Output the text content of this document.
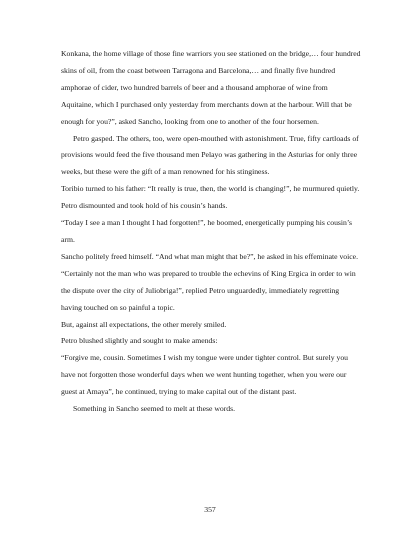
Konkana, the home village of those fine warriors you see stationed on the bridge,… four hundred
skins of oil, from the coast between Tarragona and Barcelona,… and finally five hundred
amphorae of cider, two hundred barrels of beer and a thousand amphorae of wine from
Aquitaine, which I purchased only yesterday from merchants down at the harbour. Will that be
enough for you?”, asked Sancho, looking from one to another of the four horsemen.
Petro gasped. The others, too, were open-mouthed with astonishment. True, fifty cartloads of
provisions would feed the five thousand men Pelayo was gathering in the Asturias for only three
weeks, but these were the gift of a man renowned for his stinginess.
Toribio turned to his father: “It really is true, then, the world is changing!”, he murmured quietly.
Petro dismounted and took hold of his cousin’s hands.
“Today I see a man I thought I had forgotten!”, he boomed, energetically pumping his cousin’s
arm.
Sancho politely freed himself. “And what man might that be?”, he asked in his effeminate voice.
“Certainly not the man who was prepared to trouble the echevins of King Ergica in order to win
the dispute over the city of Juliobriga!”, replied Petro unguardedly, immediately regretting
having touched on so painful a topic.
But, against all expectations, the other merely smiled.
Petro blushed slightly and sought to make amends:
“Forgive me, cousin. Sometimes I wish my tongue were under tighter control. But surely you
have not forgotten those wonderful days when we went hunting together, when you were our
guest at Amaya”, he continued, trying to make capital out of the distant past.
Something in Sancho seemed to melt at these words.

357
